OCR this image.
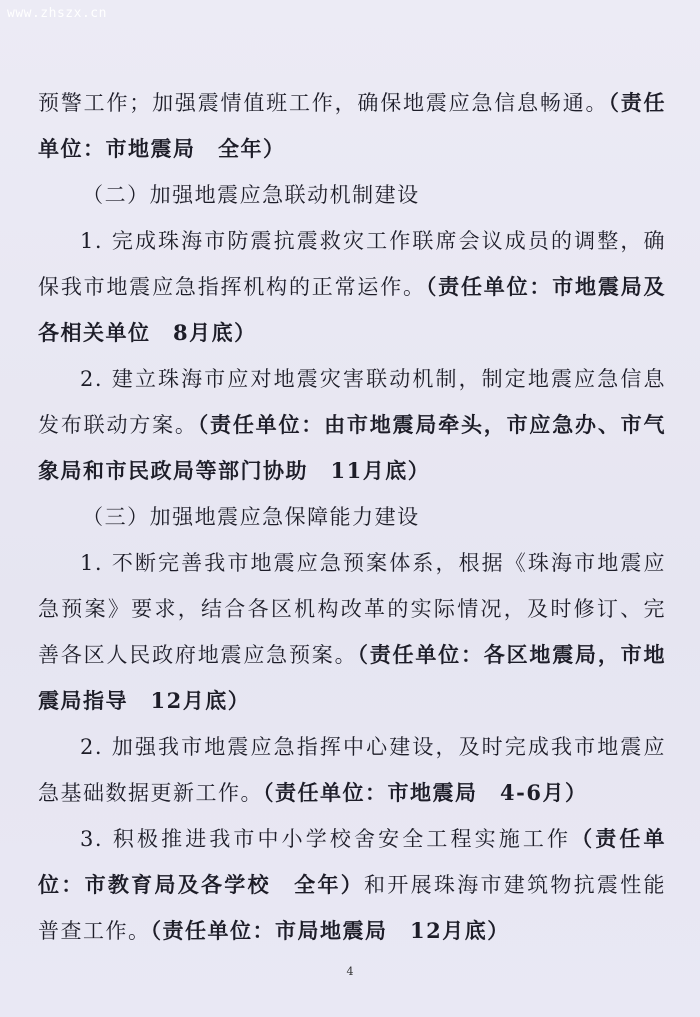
www.zhszx.cn

预警工作；加强震情值班工作，确保地震应急信息畅通。（责任单位：市地震局　全年）

（二）加强地震应急联动机制建设

1. 完成珠海市防震抗震救灾工作联席会议成员的调整，确保我市地震应急指挥机构的正常运作。（责任单位：市地震局及各相关单位　8月底）

2. 建立珠海市应对地震灾害联动机制，制定地震应急信息发布联动方案。（责任单位：由市地震局牵头，市应急办、市气象局和市民政局等部门协助　11月底）

（三）加强地震应急保障能力建设

1. 不断完善我市地震应急预案体系，根据《珠海市地震应急预案》要求，结合各区机构改革的实际情况，及时修订、完善各区人民政府地震应急预案。（责任单位：各区地震局，市地震局指导　12月底）

2. 加强我市地震应急指挥中心建设，及时完成我市地震应急基础数据更新工作。（责任单位：市地震局　4-6月）

3. 积极推进我市中小学校舍安全工程实施工作（责任单位：市教育局及各学校　全年）和开展珠海市建筑物抗震性能普查工作。（责任单位：市局地震局　12月底）

4
